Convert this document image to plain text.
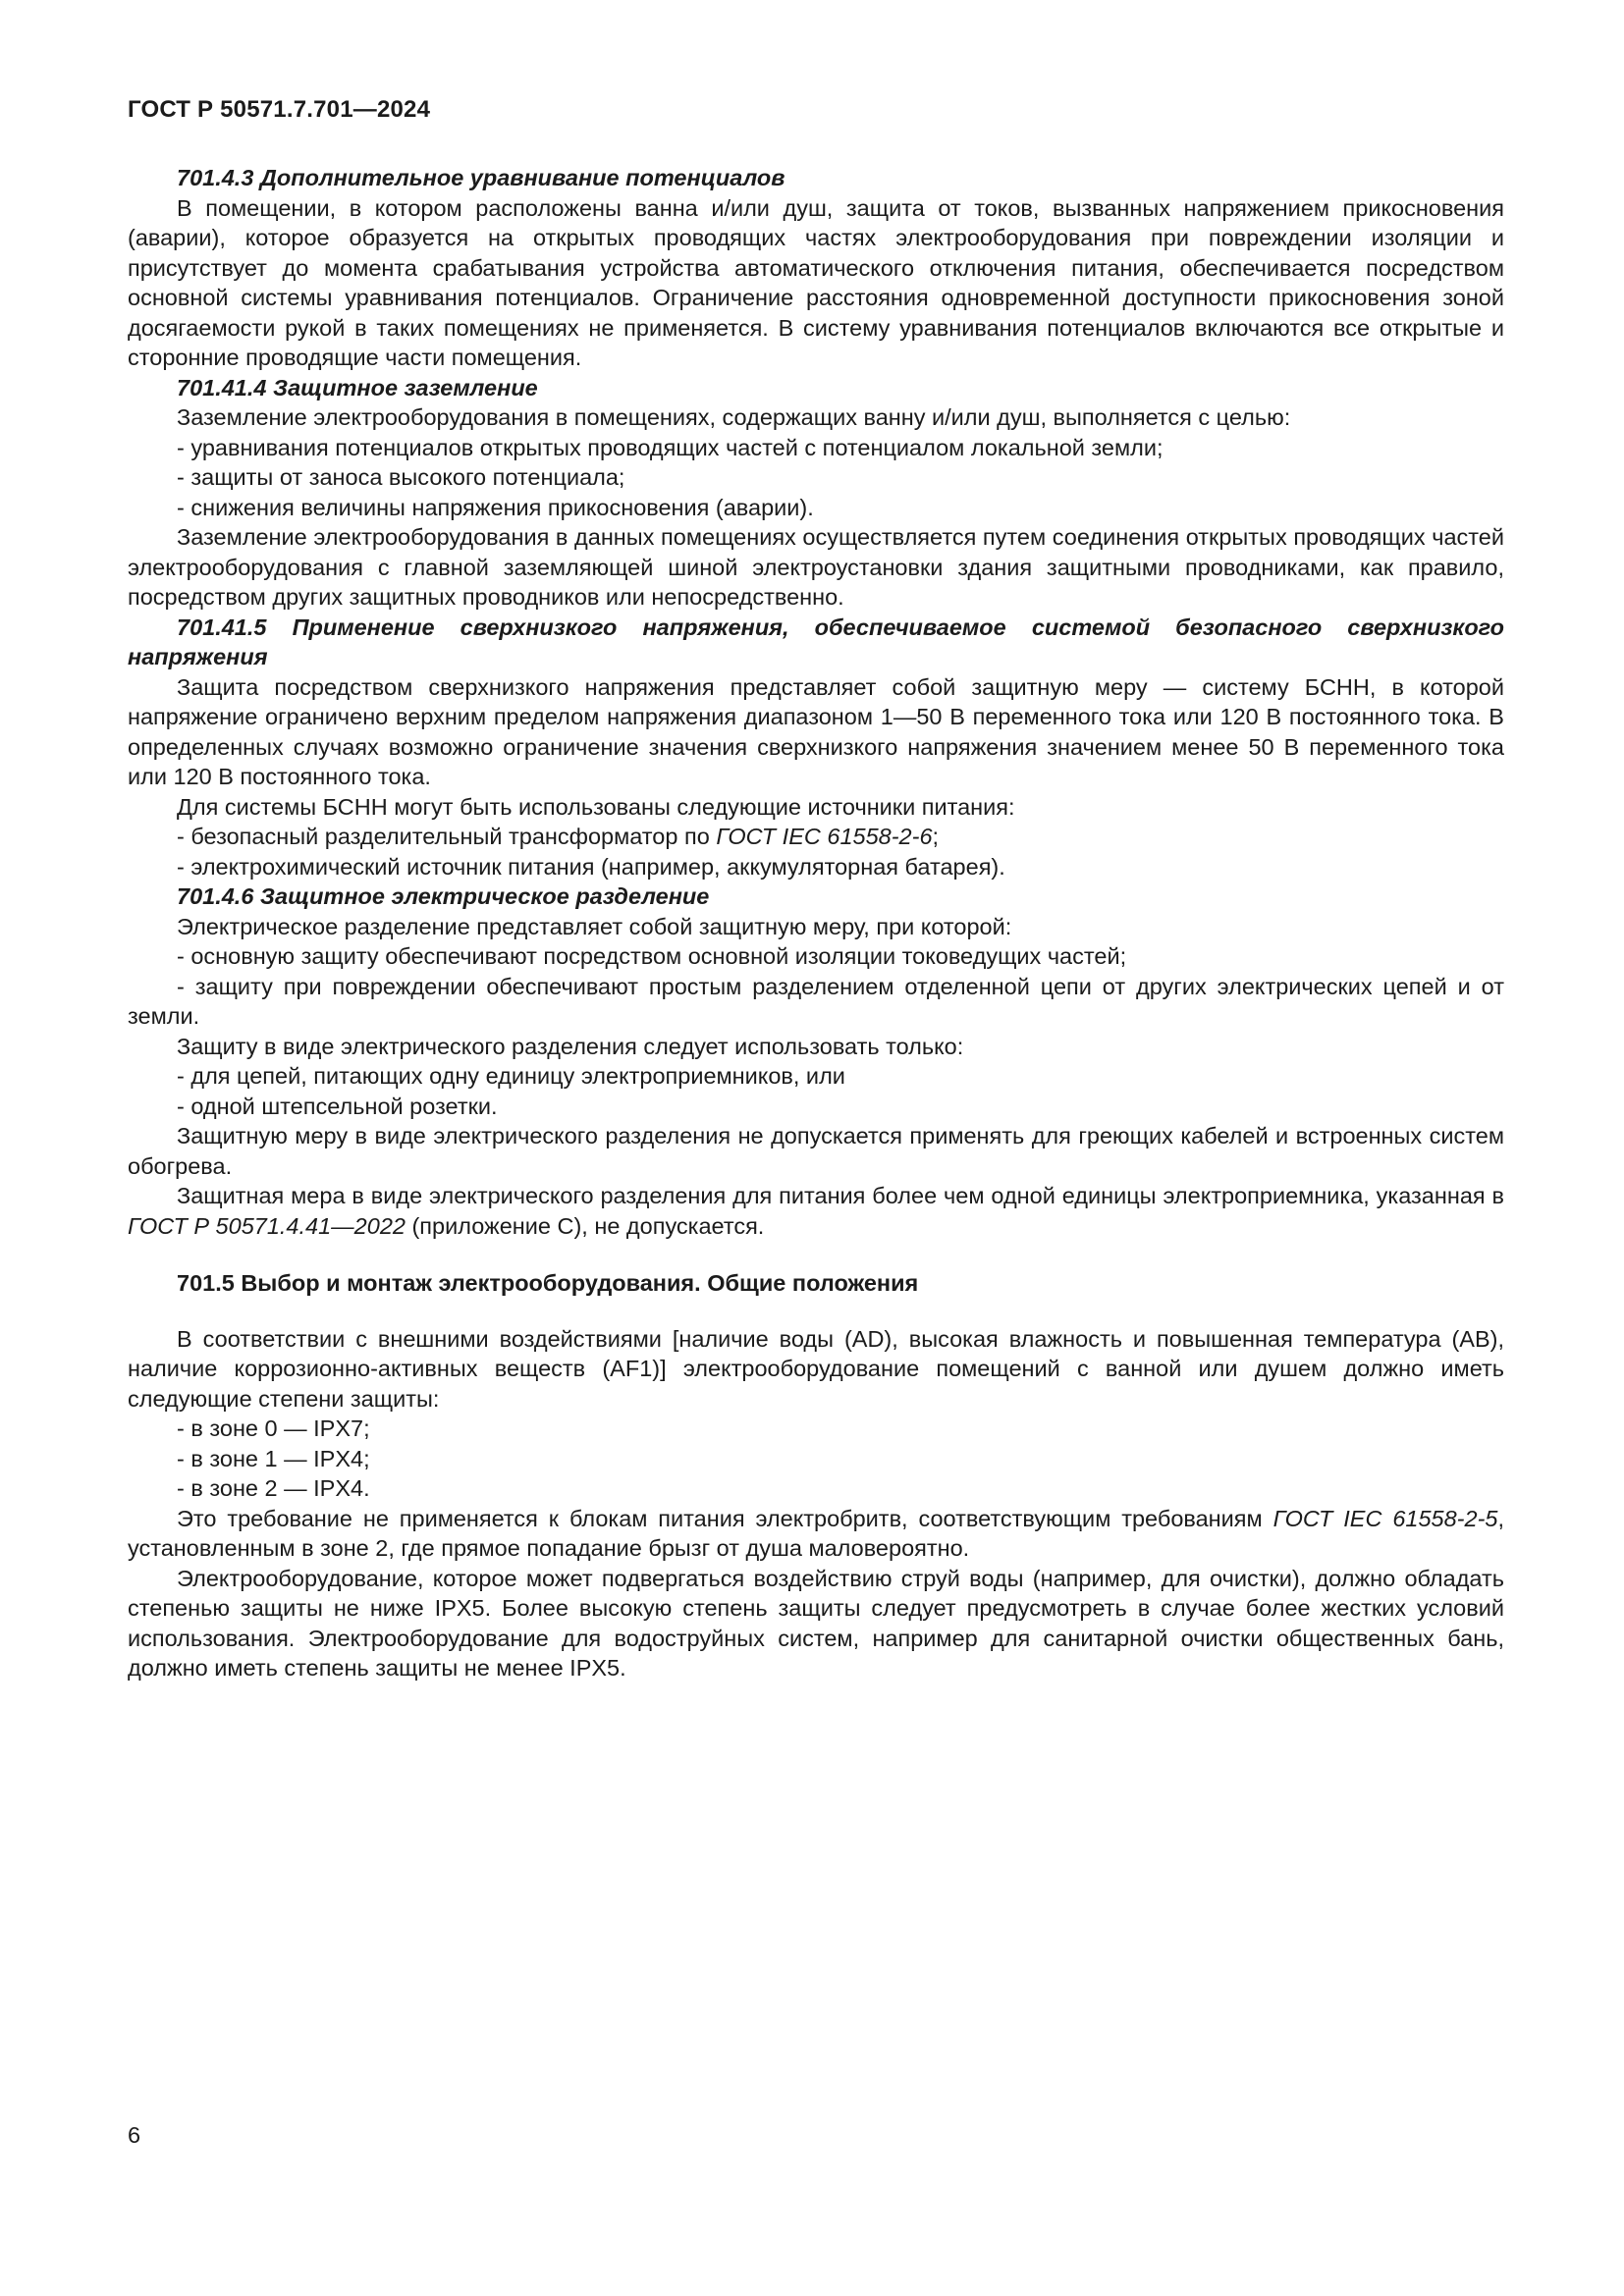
ГОСТ Р 50571.7.701—2024

701.4.3 Дополнительное уравнивание потенциалов

В помещении, в котором расположены ванна и/или душ, защита от токов, вызванных напряжением прикосновения (аварии), которое образуется на открытых проводящих частях электрооборудования при повреждении изоляции и присутствует до момента срабатывания устройства автоматического отключения питания, обеспечивается посредством основной системы уравнивания потенциалов. Ограничение расстояния одновременной доступности прикосновения зоной досягаемости рукой в таких помещениях не применяется. В систему уравнивания потенциалов включаются все открытые и сторонние проводящие части помещения.

701.41.4 Защитное заземление

Заземление электрооборудования в помещениях, содержащих ванну и/или душ, выполняется с целью:

- уравнивания потенциалов открытых проводящих частей с потенциалом локальной земли;

- защиты от заноса высокого потенциала;

- снижения величины напряжения прикосновения (аварии).

Заземление электрооборудования в данных помещениях осуществляется путем соединения открытых проводящих частей электрооборудования с главной заземляющей шиной электроустановки здания защитными проводниками, как правило, посредством других защитных проводников или непосредственно.

701.41.5 Применение сверхнизкого напряжения, обеспечиваемое системой безопасного сверхнизкого напряжения

Защита посредством сверхнизкого напряжения представляет собой защитную меру — систему БСНН, в которой напряжение ограничено верхним пределом напряжения диапазоном 1—50 В переменного тока или 120 В постоянного тока. В определенных случаях возможно ограничение значения сверхнизкого напряжения значением менее 50 В переменного тока или 120 В постоянного тока.

Для системы БСНН могут быть использованы следующие источники питания:

- безопасный разделительный трансформатор по ГОСТ IEC 61558-2-6;

- электрохимический источник питания (например, аккумуляторная батарея).

701.4.6 Защитное электрическое разделение

Электрическое разделение представляет собой защитную меру, при которой:

- основную защиту обеспечивают посредством основной изоляции токоведущих частей;

- защиту при повреждении обеспечивают простым разделением отделенной цепи от других электрических цепей и от земли.

Защиту в виде электрического разделения следует использовать только:

- для цепей, питающих одну единицу электроприемников, или

- одной штепсельной розетки.

Защитную меру в виде электрического разделения не допускается применять для греющих кабелей и встроенных систем обогрева.

Защитная мера в виде электрического разделения для питания более чем одной единицы электроприемника, указанная в ГОСТ Р 50571.4.41—2022 (приложение С), не допускается.

701.5 Выбор и монтаж электрооборудования. Общие положения

В соответствии с внешними воздействиями [наличие воды (AD), высокая влажность и повышенная температура (AB), наличие коррозионно-активных веществ (AF1)] электрооборудование помещений с ванной или душем должно иметь следующие степени защиты:

- в зоне 0 — IPX7;

- в зоне 1 — IPX4;

- в зоне 2 — IPX4.

Это требование не применяется к блокам питания электробритв, соответствующим требованиям ГОСТ IEC 61558-2-5, установленным в зоне 2, где прямое попадание брызг от душа маловероятно.

Электрооборудование, которое может подвергаться воздействию струй воды (например, для очистки), должно обладать степенью защиты не ниже IPX5. Более высокую степень защиты следует предусмотреть в случае более жестких условий использования. Электрооборудование для водоструйных систем, например для санитарной очистки общественных бань, должно иметь степень защиты не менее IPX5.

6
